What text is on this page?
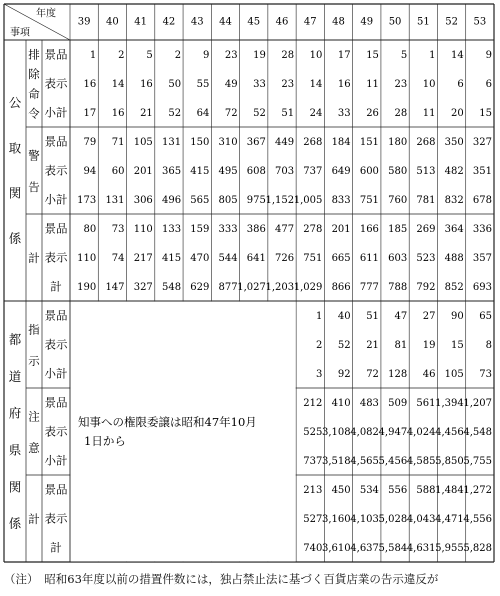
年度
事項
39 40 41 42 43 44 45 46 47 48 49 50 51 52 53
公取関係
都道府県関係
排除命令
警告
計
指示
注意
計
景品
表示
小計
景品
表示
小計
景品
表示
計
景品
表示
小計
景品
表示
小計
景品
表示
計
1 2 5 2 9 23 19 28 10 17 15 5 1 14 9
16 14 16 50 55 49 33 23 14 16 11 23 10 6 6
17 16 21 52 64 72 52 51 24 33 26 28 11 20 15
79 71 105 131 150 310 367 449 268 184 151 180 268 350 327
94 60 201 365 415 495 608 703 737 649 600 580 513 482 351
173 131 306 496 565 805 975 1,152 1,005 833 751 760 781 832 678
80 73 110 133 159 333 386 477 278 201 166 185 269 364 336
110 74 217 415 470 544 641 726 751 665 611 603 523 488 357
190 147 327 548 629 877 1,027 1,203 1,029 866 777 788 792 852 693
1 40 51 47 27 90 65
2 52 21 81 19 15 8
3 92 72 128 46 105 73
212 410 483 509 561 1,394 1,207
525 3,108 4,082 4,947 4,024 4,456 4,548
737 3,518 4,565 5,456 4,585 5,850 5,755
213 450 534 556 588 1,484 1,272
527 3,160 4,103 5,028 4,043 4,471 4,556
740 3,610 4,637 5,584 4,631 5,955 5,828
知事への権限委譲は昭和47年10月
1日から
（注）　昭和63年度以前の措置件数には，独占禁止法に基づく百貨店業の告示違反が
